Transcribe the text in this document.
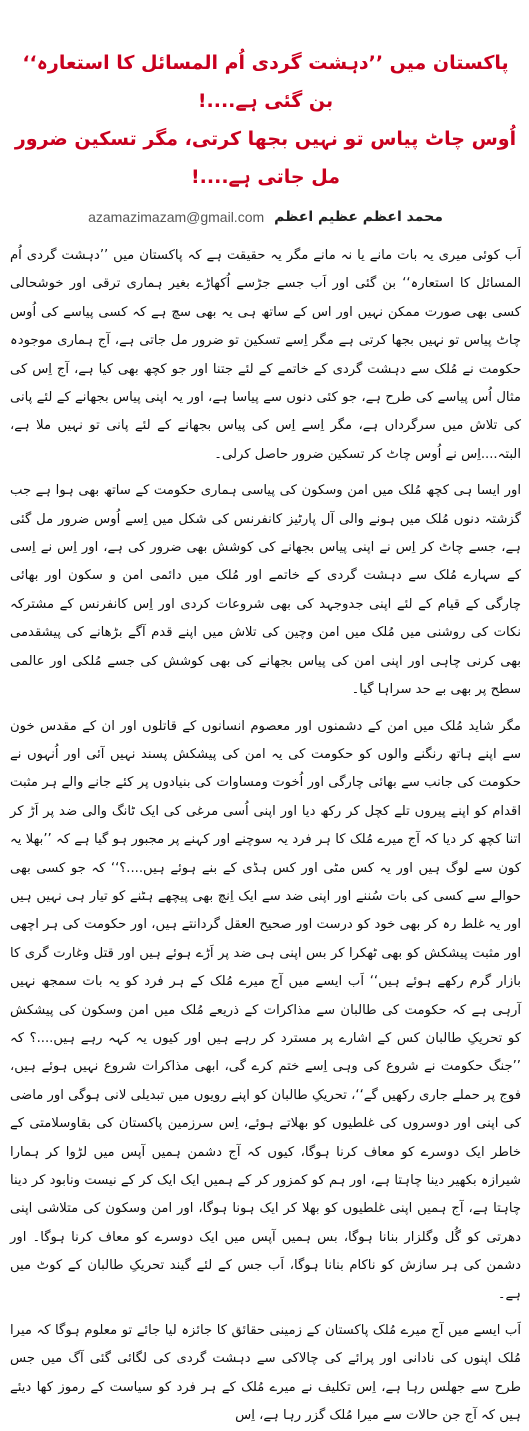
پاکستان میں ’’دہشت گردی اُم المسائل کا استعارہ‘‘ بن گئی ہے....!

اُوس چاٹ پیاس تو نہیں بجھا کرتی، مگر تسکین ضرور مل جاتی ہے....!

azamazimazam@gmail.com محمد اعظم عظیم اعظم

اَب کوئی میری یہ بات مانے یا نہ مانے مگر یہ حقیقت ہے کہ پاکستان میں ’’دہشت گردی اُم المسائل کا استعارہ‘‘ بن گئی اور اَب جسے جڑسے اُکھاڑے بغیر ہماری ترقی اور خوشحالی کسی بھی صورت ممکن نہیں اور اس کے ساتھ ہی یہ بھی سچ ہے کہ کسی پیاسے کی اُوس چاٹ پیاس تو نہیں بجھا کرتی ہے مگر اِسے تسکین تو ضرور مل جاتی ہے، آج ہماری موجودہ حکومت نے مُلک سے دہشت گردی کے خاتمے کے لئے جتنا اور جو کچھ بھی کیا ہے، آج اِس کی مثال اُس پیاسے کی طرح ہے، جو کئی دنوں سے پیاسا ہے، اور یہ اپنی پیاس بجھانے کے لئے پانی کی تلاش میں سرگرداں ہے، مگر اِسے اِس کی پیاس بجھانے کے لئے پانی تو نہیں ملا ہے، البتہ....اِس نے اُوس چاٹ کر تسکین ضرور حاصل کرلی۔

اور ایسا ہی کچھ مُلک میں امن وسکون کی پیاسی ہماری حکومت کے ساتھ بھی ہوا ہے جب گزشتہ دنوں مُلک میں ہونے والی آل پارٹیز کانفرنس کی شکل میں اِسے اُوس ضرور مل گئی ہے، جسے چاٹ کر اِس نے اپنی پیاس بجھانے کی کوشش بھی ضرور کی ہے، اور اِس نے اِسی کے سہارے مُلک سے دہشت گردی کے خاتمے اور مُلک میں دائمی امن و سکون اور بھائی چارگی کے قیام کے لئے اپنی جدوجہد کی بھی شروعات کردی اور اِس کانفرنس کے مشترکہ نکات کی روشنی میں مُلک میں امن وچین کی تلاش میں اپنے قدم آگے بڑھانے کی پیشقدمی بھی کرنی چاہی اور اپنی امن کی پیاس بجھانے کی بھی کوشش کی جسے مُلکی اور عالمی سطح پر بھی بے حد سراہا گیا۔

مگر شاید مُلک میں امن کے دشمنوں اور معصوم انسانوں کے قاتلوں اور ان کے مقدس خون سے اپنے ہاتھ رنگنے والوں کو حکومت کی یہ امن کی پیشکش پسند نہیں آئی اور اُنہوں نے حکومت کی جانب سے بھائی چارگی اور اُخوت ومساوات کی بنیادوں پر کئے جانے والے ہر مثبت اقدام کو اپنے پیروں تلے کچل کر رکھ دیا اور اپنی اُسی مرغی کی ایک ٹانگ والی ضد پر اَڑ کر اتنا کچھ کر دیا کہ آج میرے مُلک کا ہر فرد یہ سوچنے اور کہنے پر مجبور ہو گیا ہے کہ ’’بھلا یہ کون سے لوگ ہیں اور یہ کس مٹی اور کس ہڈی کے بنے ہوئے ہیں....؟‘‘ کہ جو کسی بھی حوالے سے کسی کی بات سُننے اور اپنی ضد سے ایک اِنچ بھی پیچھے ہٹنے کو تیار ہی نہیں ہیں اور یہ غلط رہ کر بھی خود کو درست اور صحیح العقل گردانتے ہیں، اور حکومت کی ہر اچھی اور مثبت پیشکش کو بھی ٹھکرا کر بس اپنی ہی ضد پر اَڑے ہوئے ہیں اور قتل وغارت گری کا بازار گرم رکھے ہوئے ہیں‘‘ اَب ایسے میں آج میرے مُلک کے ہر فرد کو یہ بات سمجھ نہیں آرہی ہے کہ حکومت کی طالبان سے مذاکرات کے ذریعے مُلک میں امن وسکون کی پیشکش کو تحریکِ طالبان کس کے اشارے پر مسترد کر رہے ہیں اور کیوں یہ کہہ رہے ہیں....؟ کہ ’’جنگ حکومت نے شروع کی وہی اِسے ختم کرے گی، ابھی مذاکرات شروع نہیں ہوئے ہیں، فوج پر حملے جاری رکھیں گے‘‘، تحریکِ طالبان کو اپنے رویوں میں تبدیلی لانی ہوگی اور ماضی کی اپنی اور دوسروں کی غلطیوں کو بھلاتے ہوئے، اِس سرزمین پاکستان کی بقاوسلامتی کے خاطر ایک دوسرے کو معاف کرنا ہوگا، کیوں کہ آج دشمن ہمیں آپس میں لڑوا کر ہمارا شیرازہ بکھیر دینا چاہتا ہے، اور ہم کو کمزور کر کے ہمیں ایک ایک کر کے نیست ونابود کر دینا چاہتا ہے، آج ہمیں اپنی غلطیوں کو بھلا کر ایک ہونا ہوگا، اور امن وسکون کی متلاشی اپنی دھرتی کو گُل وگلزار بنانا ہوگا، بس ہمیں آپس میں ایک دوسرے کو معاف کرنا ہوگا۔ اور دشمن کی ہر سازش کو ناکام بنانا ہوگا، اَب جس کے لئے گیند تحریکِ طالبان کے کوٹ میں ہے۔

اَب ایسے میں آج میرے مُلک پاکستان کے زمینی حقائق کا جائزہ لیا جائے تو معلوم ہوگا کہ میرا مُلک اپنوں کی نادانی اور پرائے کی چالاکی سے دہشت گردی کی لگائی گئی آگ میں جس طرح سے جھلس رہا ہے، اِس تکلیف نے میرے مُلک کے ہر فرد کو سیاست کے رموز کھا دیئے ہیں کہ آج جن حالات سے میرا مُلک گزر رہا ہے، اِس
